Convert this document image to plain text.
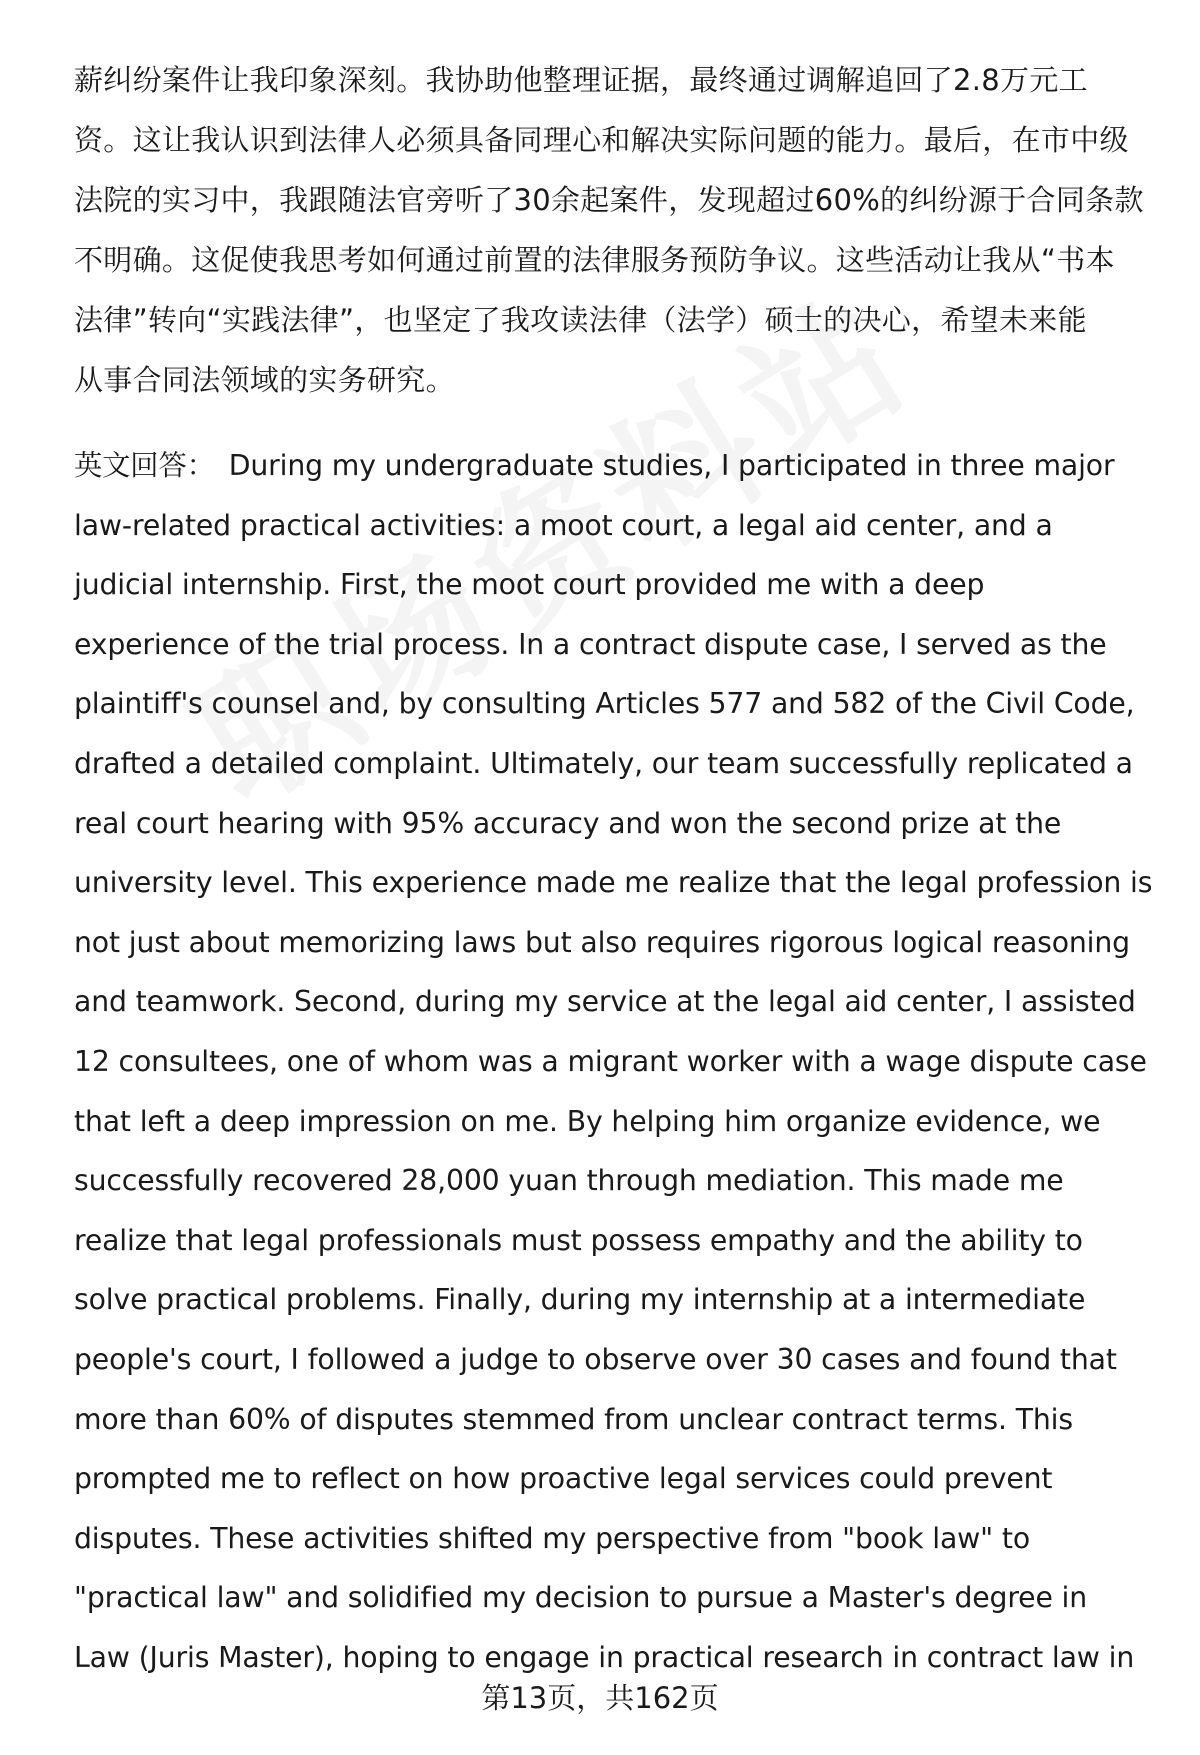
薪纠纷案件让我印象深刻。我协助他整理证据，最终通过调解追回了2.8万元工
资。这让我认识到法律人必须具备同理心和解决实际问题的能力。最后，在市中级
法院的实习中，我跟随法官旁听了30余起案件，发现超过60%的纠纷源于合同条款
不明确。这促使我思考如何通过前置的法律服务预防争议。这些活动让我从“书本
法律”转向“实践法律”，也坚定了我攻读法律（法学）硕士的决心，希望未来能
从事合同法领域的实务研究。
英文回答： During my undergraduate studies, I participated in three major
law-related practical activities: a moot court, a legal aid center, and a
judicial internship. First, the moot court provided me with a deep
experience of the trial process. In a contract dispute case, I served as the
plaintiff's counsel and, by consulting Articles 577 and 582 of the Civil Code,
drafted a detailed complaint. Ultimately, our team successfully replicated a
real court hearing with 95% accuracy and won the second prize at the
university level. This experience made me realize that the legal profession is
not just about memorizing laws but also requires rigorous logical reasoning
and teamwork. Second, during my service at the legal aid center, I assisted
12 consultees, one of whom was a migrant worker with a wage dispute case
that left a deep impression on me. By helping him organize evidence, we
successfully recovered 28,000 yuan through mediation. This made me
realize that legal professionals must possess empathy and the ability to
solve practical problems. Finally, during my internship at a intermediate
people's court, I followed a judge to observe over 30 cases and found that
more than 60% of disputes stemmed from unclear contract terms. This
prompted me to reflect on how proactive legal services could prevent
disputes. These activities shifted my perspective from "book law" to
"practical law" and solidified my decision to pursue a Master's degree in
Law (Juris Master), hoping to engage in practical research in contract law in
第13页，共162页
